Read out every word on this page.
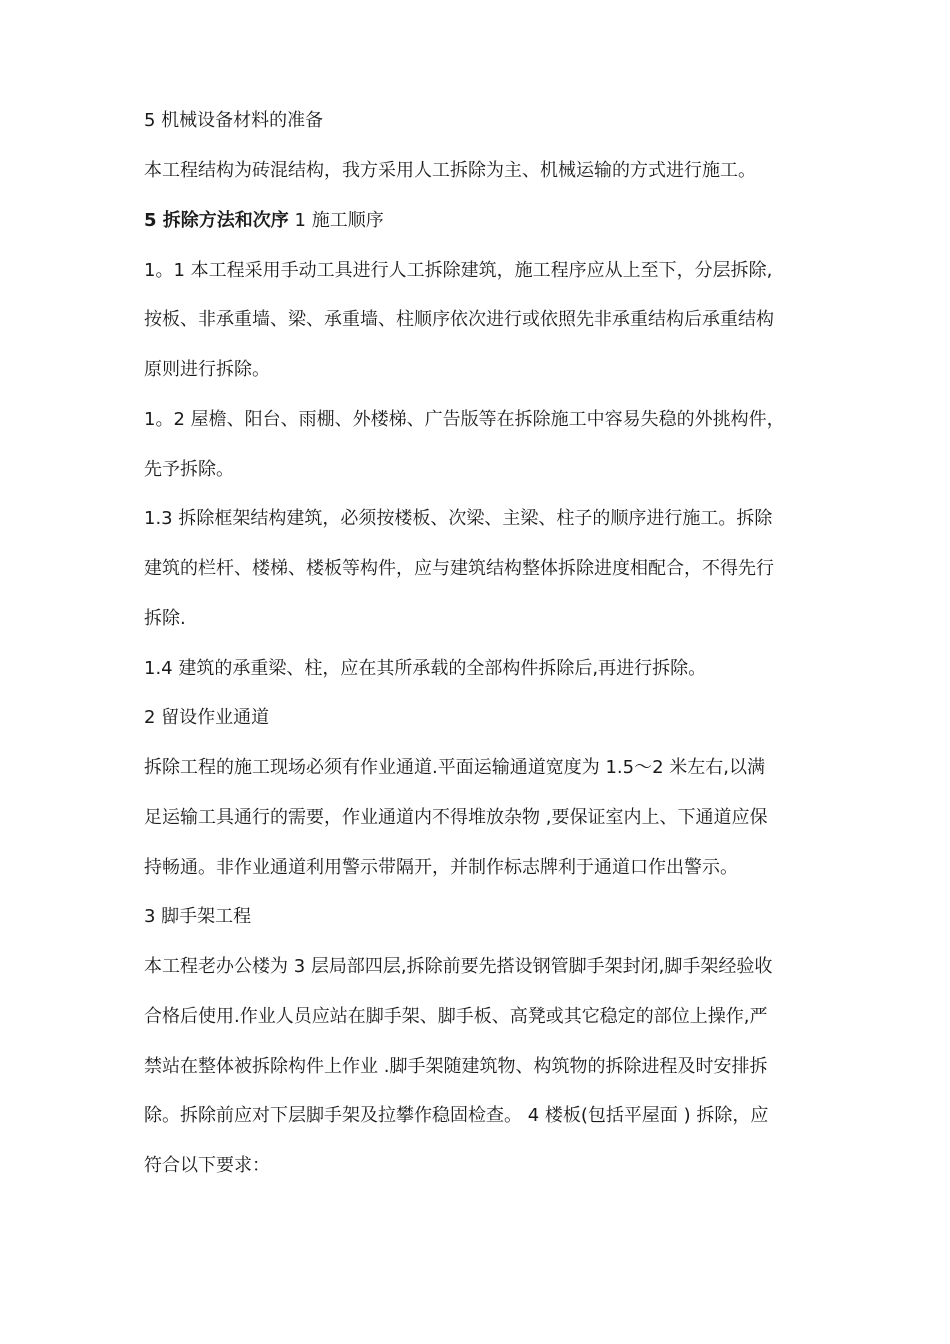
5 机械设备材料的准备
本工程结构为砖混结构，我方采用人工拆除为主、机械运输的方式进行施工。
5 拆除方法和次序 1 施工顺序
1。1 本工程采用手动工具进行人工拆除建筑，施工程序应从上至下，分层拆除,
按板、非承重墙、梁、承重墙、柱顺序依次进行或依照先非承重结构后承重结构
原则进行拆除。
1。2 屋檐、阳台、雨棚、外楼梯、广告版等在拆除施工中容易失稳的外挑构件，
先予拆除。
1.3 拆除框架结构建筑，必须按楼板、次梁、主梁、柱子的顺序进行施工。拆除
建筑的栏杆、楼梯、楼板等构件，应与建筑结构整体拆除进度相配合，不得先行
拆除.
1.4 建筑的承重梁、柱，应在其所承载的全部构件拆除后,再进行拆除。
2 留设作业通道
拆除工程的施工现场必须有作业通道.平面运输通道宽度为 1.5～2 米左右,以满
足运输工具通行的需要，作业通道内不得堆放杂物 ,要保证室内上、下通道应保
持畅通。非作业通道利用警示带隔开，并制作标志牌利于通道口作出警示。
3 脚手架工程
本工程老办公楼为 3 层局部四层,拆除前要先搭设钢管脚手架封闭,脚手架经验收
合格后使用.作业人员应站在脚手架、脚手板、高凳或其它稳定的部位上操作,严
禁站在整体被拆除构件上作业 .脚手架随建筑物、构筑物的拆除进程及时安排拆
除。拆除前应对下层脚手架及拉攀作稳固检查。 4 楼板(包括平屋面 ) 拆除，应
符合以下要求：
